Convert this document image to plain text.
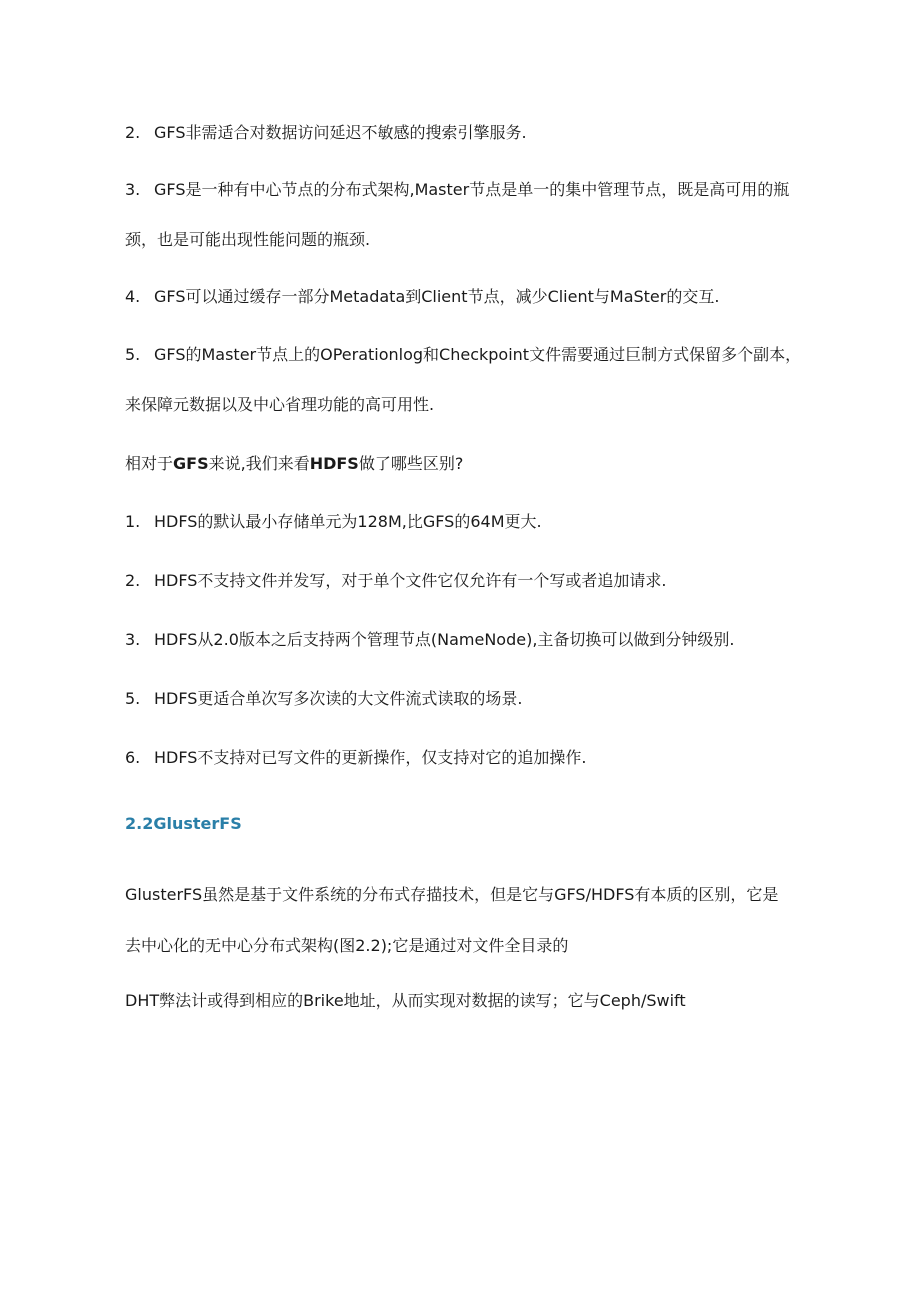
2. GFS非需适合对数据访问延迟不敏感的搜索引擎服务.
3. GFS是一种有中心节点的分布式架构,Master节点是单一的集中管理节点，既是高可用的瓶
颈，也是可能出现性能问题的瓶颈.
4. GFS可以通过缓存一部分Metadata到Client节点，减少Client与MaSter的交互.
5. GFS的Master节点上的OPerationlog和Checkpoint文件需要通过巨制方式保留多个副本，
来保障元数据以及中心省理功能的高可用性.
相对于GFS来说,我们来看HDFS做了哪些区别?
1. HDFS的默认最小存储单元为128M,比GFS的64M更大.
2. HDFS不支持文件并发写，对于单个文件它仅允许有一个写或者追加请求.
3. HDFS从2.0版本之后支持两个管理节点(NameNode),主备切换可以做到分钟级别.
5. HDFS更适合单次写多次读的大文件流式读取的场景.
6. HDFS不支持对已写文件的更新操作，仅支持对它的追加操作.
2.2GlusterFS
GlusterFS虽然是基于文件系统的分布式存描技术，但是它与GFS/HDFS有本质的区别，它是
去中心化的无中心分布式架构(图2.2);它是通过对文件全目录的
DHT弊法计或得到相应的Brike地址，从而实现对数据的读写；它与Ceph/Swift
